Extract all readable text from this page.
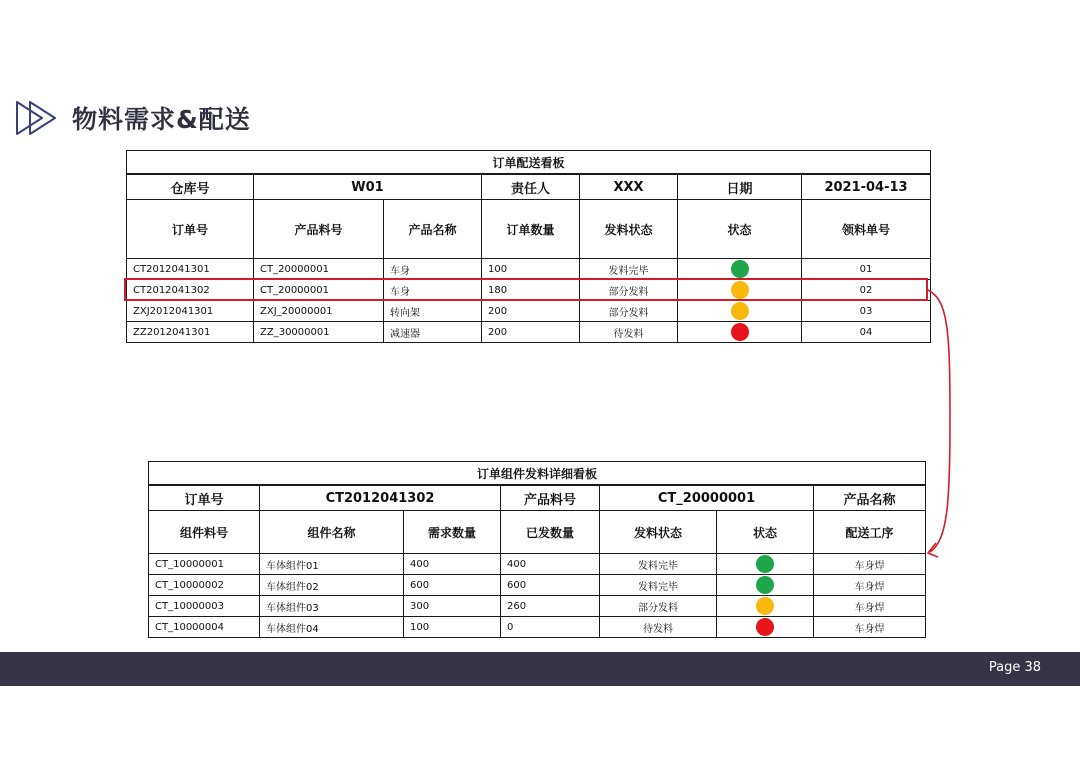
物料需求&配送
订单配送看板						
仓库号	W01		责任人	XXX	日期	2021-04-13
订单号	产品料号	产品名称	订单数量	发料状态	状态	领料单号
CT2012041301	CT_20000001	车身	100	发料完毕		01
CT2012041302	CT_20000001	车身	180	部分发料		02
ZXJ2012041301	ZXJ_20000001	转向架	200	部分发料		03
ZZ2012041301	ZZ_30000001	减速器	200	待发料		04
订单组件发料详细看板						
订单号	CT2012041302		产品料号	CT_20000001		产品名称
组件料号	组件名称	需求数量	已发数量	发料状态	状态	配送工序
CT_10000001	车体组件01	400	400	发料完毕		车身焊
CT_10000002	车体组件02	600	600	发料完毕		车身焊
CT_10000003	车体组件03	300	260	部分发料		车身焊
CT_10000004	车体组件04	100	0	待发料		车身焊
Page 38
